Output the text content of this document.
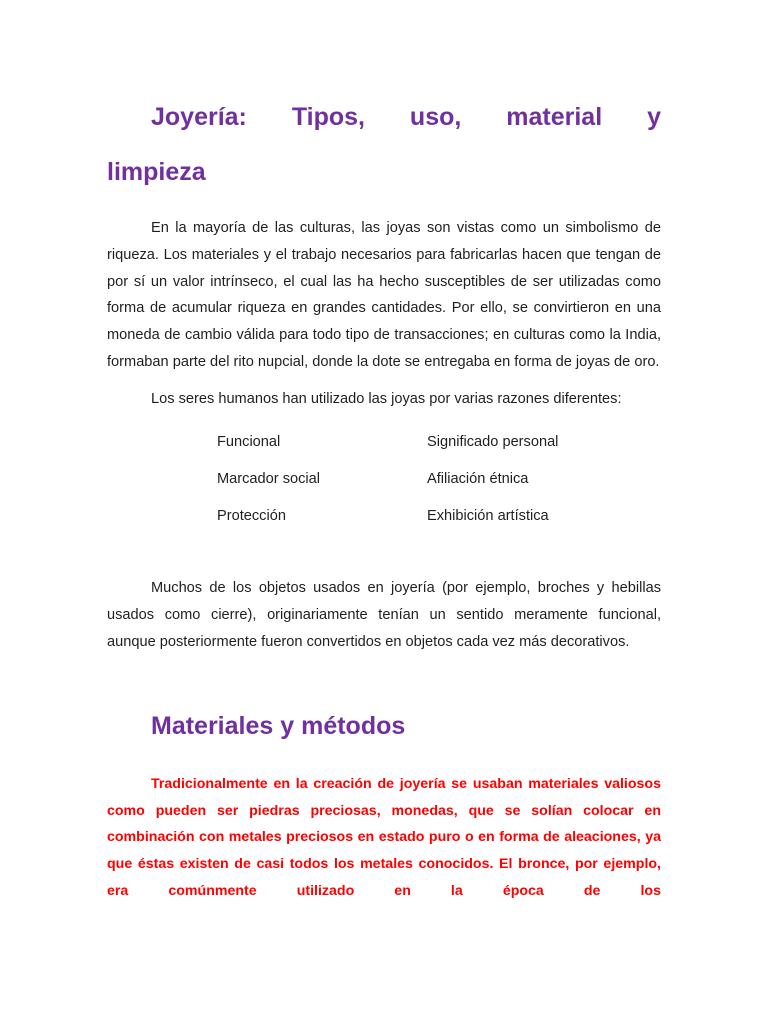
Joyería: Tipos, uso, material y limpieza

En la mayoría de las culturas, las joyas son vistas como un simbolismo de riqueza. Los materiales y el trabajo necesarios para fabricarlas hacen que tengan de por sí un valor intrínseco, el cual las ha hecho susceptibles de ser utilizadas como forma de acumular riqueza en grandes cantidades. Por ello, se convirtieron en una moneda de cambio válida para todo tipo de transacciones; en culturas como la India, formaban parte del rito nupcial, donde la dote se entregaba en forma de joyas de oro.

Los seres humanos han utilizado las joyas por varias razones diferentes:

Funcional	Significado personal
Marcador social	Afiliación étnica
Protección	Exhibición artística

Muchos de los objetos usados en joyería (por ejemplo, broches y hebillas usados como cierre), originariamente tenían un sentido meramente funcional, aunque posteriormente fueron convertidos en objetos cada vez más decorativos.

Materiales y métodos

Tradicionalmente en la creación de joyería se usaban materiales valiosos como pueden ser piedras preciosas, monedas, que se solían colocar en combinación con metales preciosos en estado puro o en forma de aleaciones, ya que éstas existen de casi todos los metales conocidos. El bronce, por ejemplo, era comúnmente utilizado en la época de los
